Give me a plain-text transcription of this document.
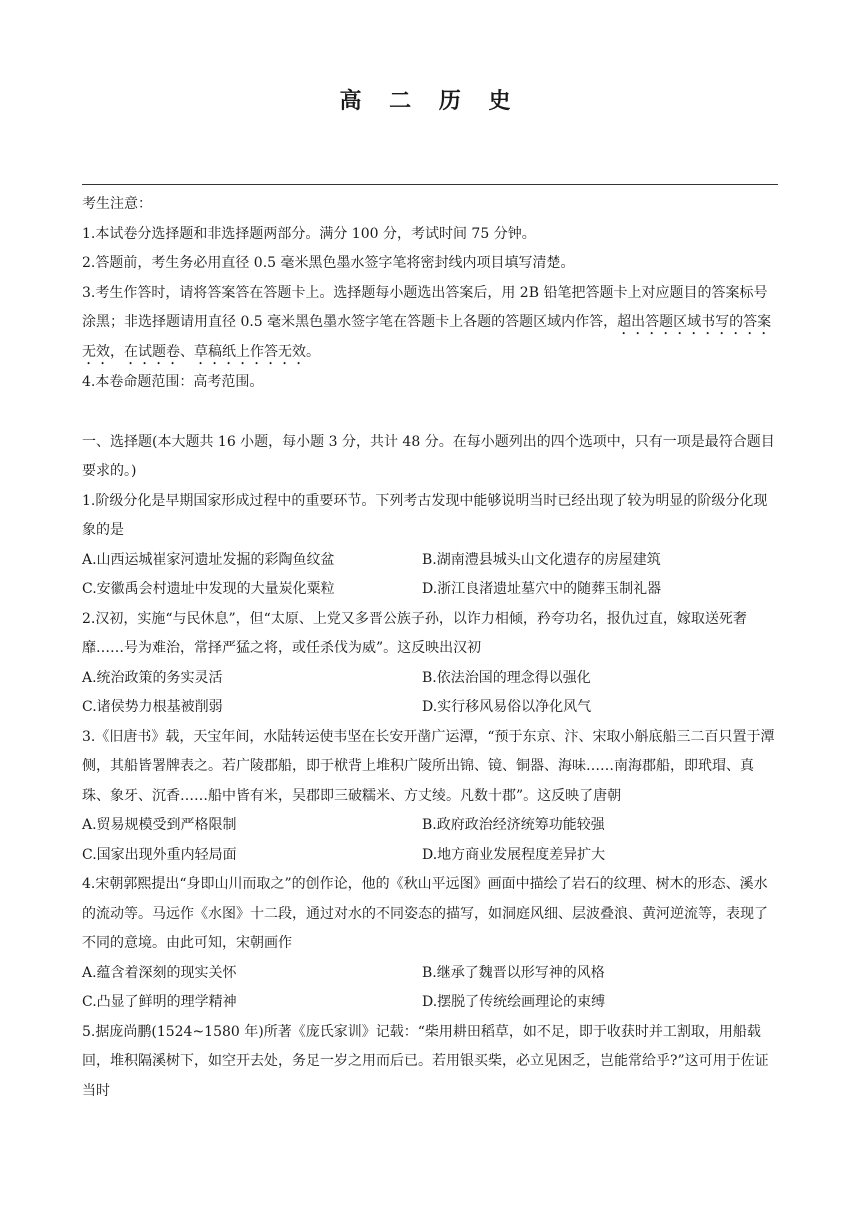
高 二 历 史

考生注意：

1.本试卷分选择题和非选择题两部分。满分 100 分，考试时间 75 分钟。

2.答题前，考生务必用直径 0.5 毫米黑色墨水签字笔将密封线内项目填写清楚。

3.考生作答时，请将答案答在答题卡上。选择题每小题选出答案后，用 2B 铅笔把答题卡上对应题目的答案标号涂黑；非选择题请用直径 0.5 毫米黑色墨水签字笔在答题卡上各题的答题区域内作答，超出答题区域书写的答案无效，在试题卷、草稿纸上作答无效。

4.本卷命题范围：高考范围。

一、选择题(本大题共 16 小题，每小题 3 分，共计 48 分。在每小题列出的四个选项中，只有一项是最符合题目要求的。)

1.阶级分化是早期国家形成过程中的重要环节。下列考古发现中能够说明当时已经出现了较为明显的阶级分化现象的是

A.山西运城崔家河遗址发掘的彩陶鱼纹盆	B.湖南澧县城头山文化遗存的房屋建筑
C.安徽禹会村遗址中发现的大量炭化粟粒	D.浙江良渚遗址墓穴中的随葬玉制礼器

2.汉初，实施“与民休息”，但“太原、上党又多晋公族子孙，以诈力相倾，矜夸功名，报仇过直，嫁取送死奢靡……号为难治，常择严猛之将，或任杀伐为威”。这反映出汉初

A.统治政策的务实灵活	B.依法治国的理念得以强化
C.诸侯势力根基被削弱	D.实行移风易俗以净化风气

3.《旧唐书》载，天宝年间，水陆转运使韦坚在长安开凿广运潭，“预于东京、汴、宋取小斛底船三二百只置于潭侧，其船皆署牌表之。若广陵郡船，即于栿背上堆积广陵所出锦、镜、铜器、海味……南海郡船，即玳瑁、真珠、象牙、沉香……船中皆有米，吴郡即三破糯米、方丈绫。凡数十郡”。这反映了唐朝

A.贸易规模受到严格限制	B.政府政治经济统筹功能较强
C.国家出现外重内轻局面	D.地方商业发展程度差异扩大

4.宋朝郭熙提出“身即山川而取之”的创作论，他的《秋山平远图》画面中描绘了岩石的纹理、树木的形态、溪水的流动等。马远作《水图》十二段，通过对水的不同姿态的描写，如洞庭风细、层波叠浪、黄河逆流等，表现了不同的意境。由此可知，宋朝画作

A.蕴含着深刻的现实关怀	B.继承了魏晋以形写神的风格
C.凸显了鲜明的理学精神	D.摆脱了传统绘画理论的束缚

5.据庞尚鹏(1524~1580 年)所著《庞氏家训》记载：“柴用耕田稻草，如不足，即于收获时并工割取，用船载回，堆积隔溪树下，如空开去处，务足一岁之用而后已。若用银买柴，必立见困乏，岂能常给乎?”这可用于佐证当时
